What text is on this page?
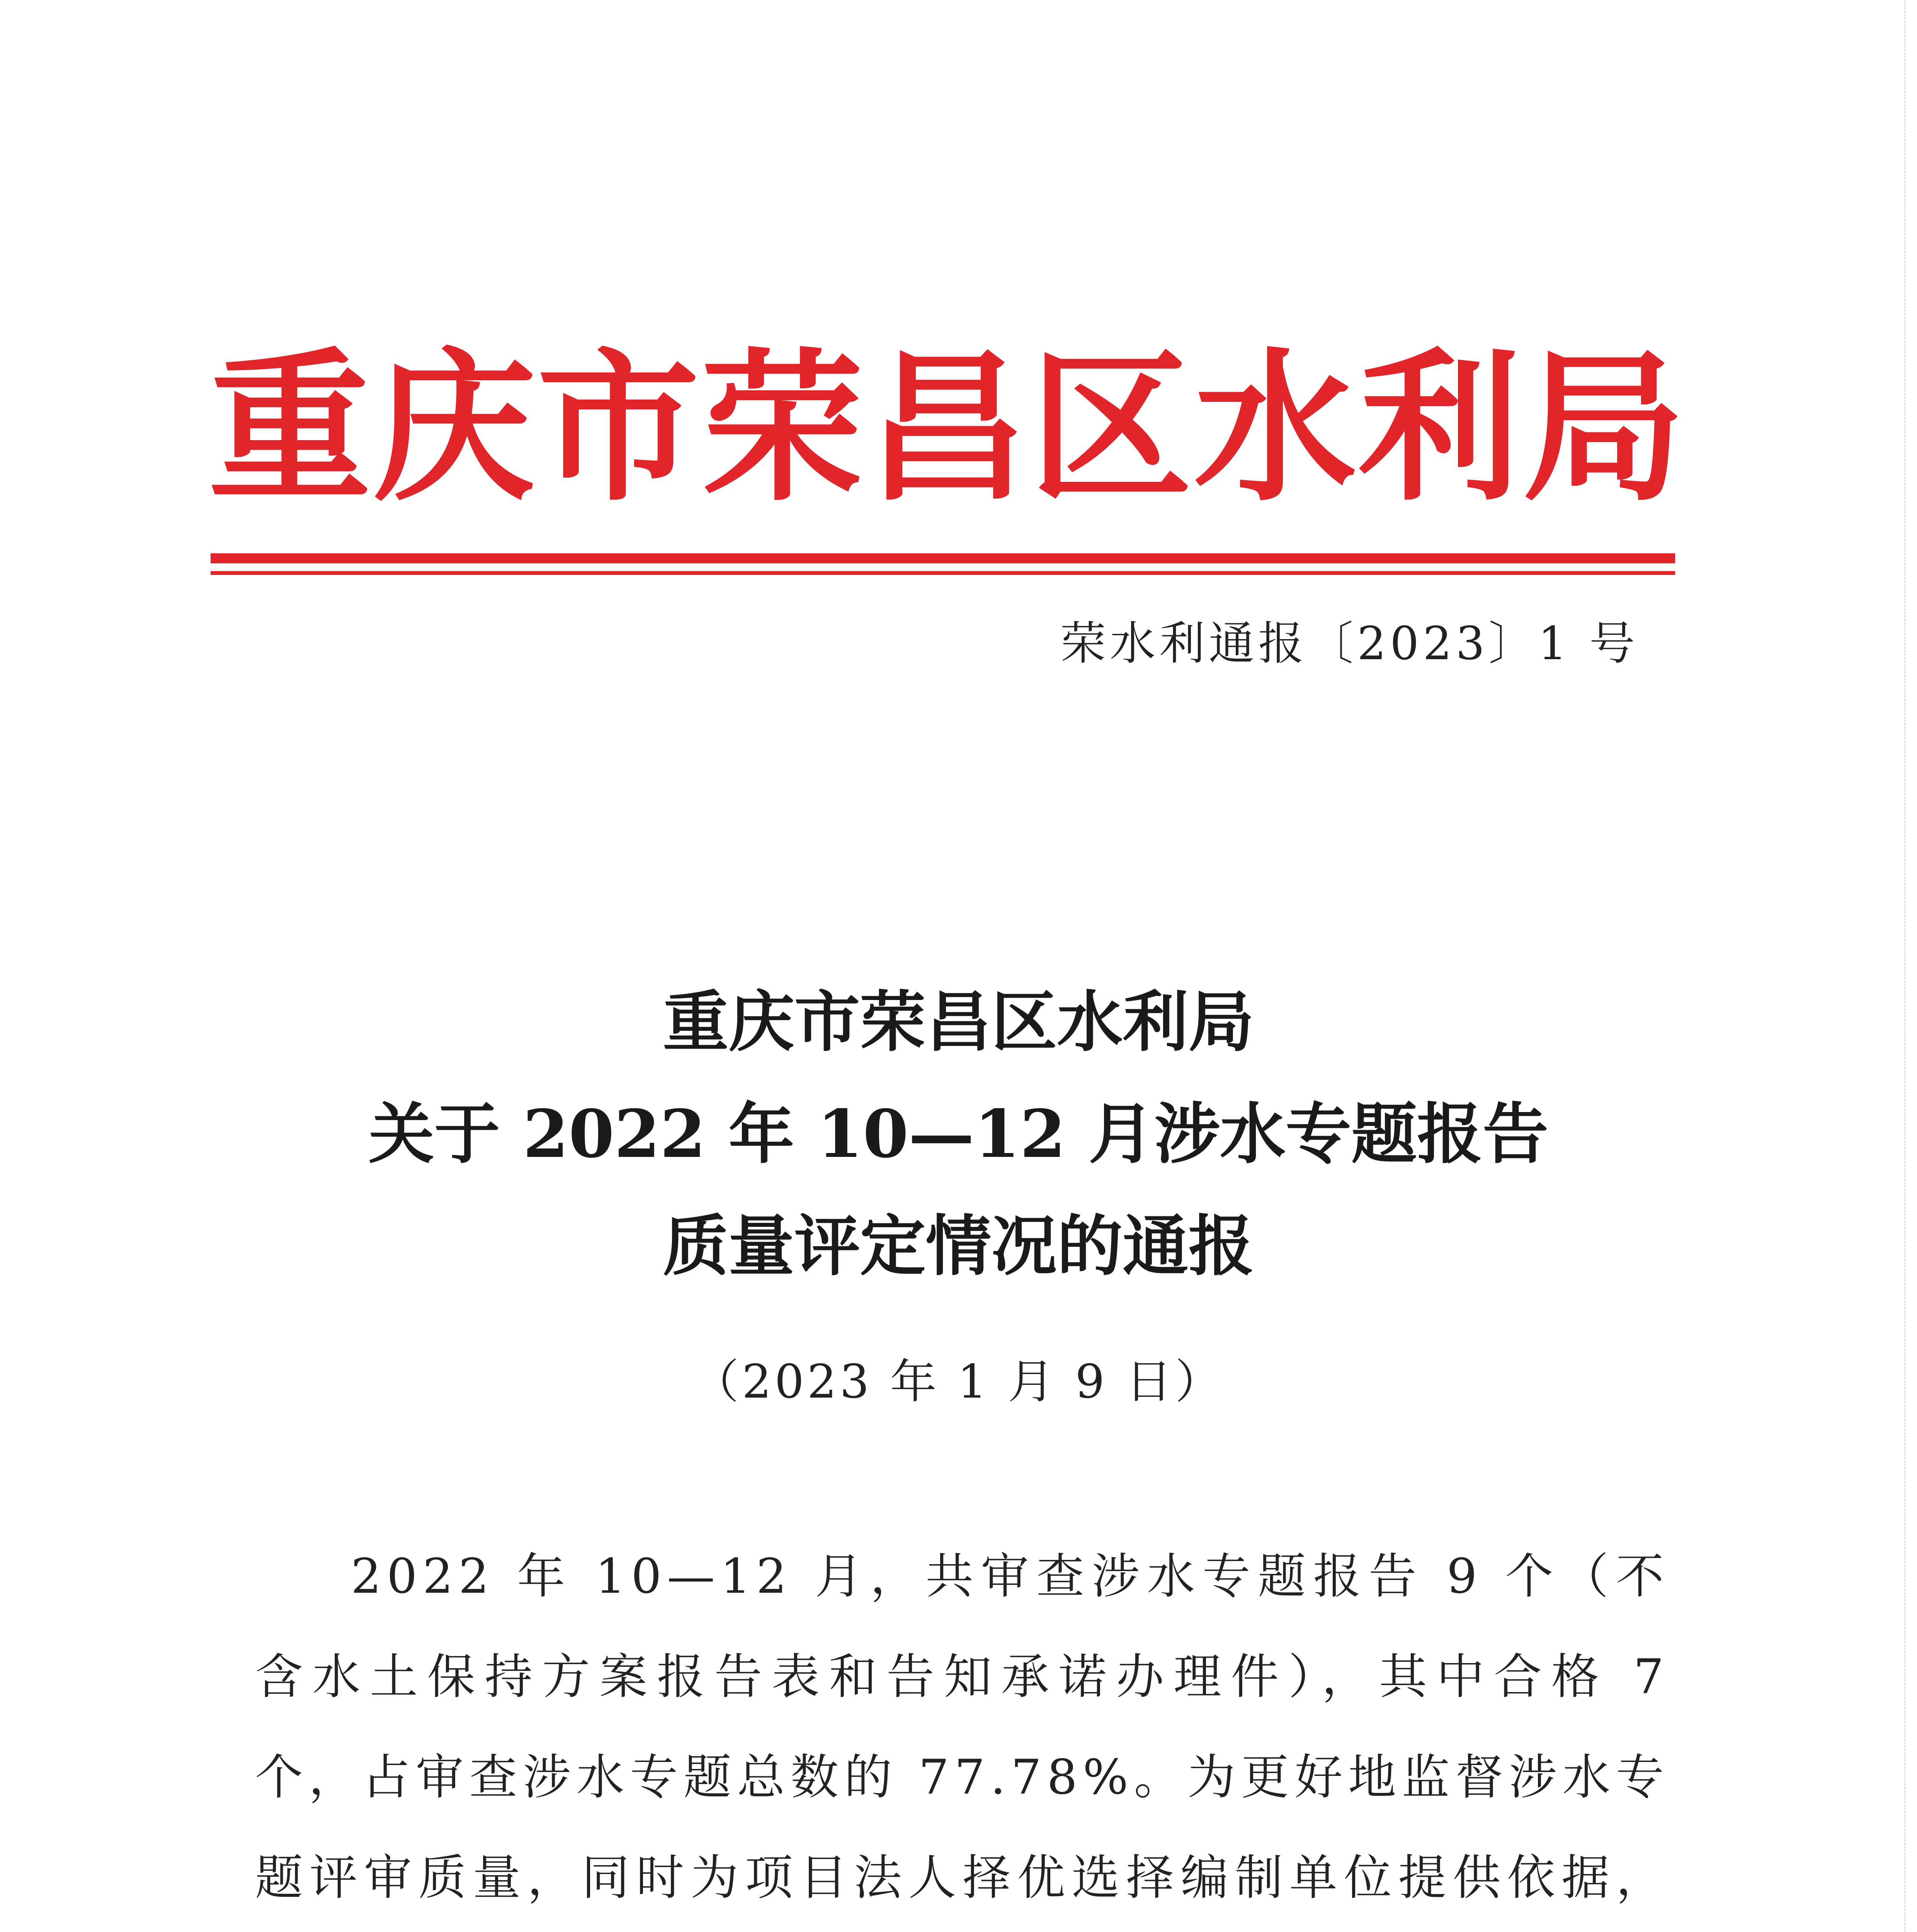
重 庆 市 荣 昌 区 水 利 局
荣水利通报〔2023〕1 号
重庆市荣昌区水利局
关于 2022 年 10—12 月涉水专题报告
质量评定情况的通报
（2023 年 1 月 9 日）

2022 年 10—12 月，共审查涉水专题报告 9 个（不含水土保持方案报告表和告知承诺办理件），其中合格 7 个，占审查涉水专题总数的 77.78%。为更好地监督涉水专题评审质量，同时为项目法人择优选择编制单位提供依据，
